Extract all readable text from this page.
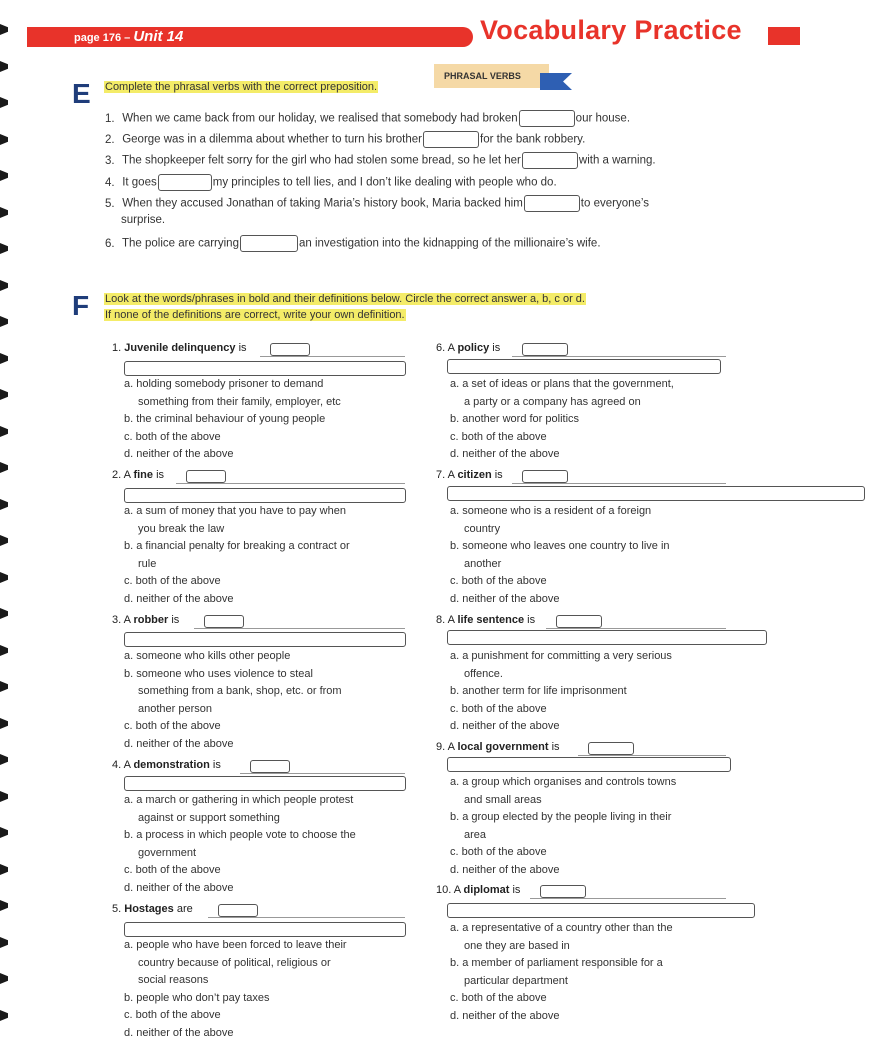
page 176 – Unit 14	Vocabulary Practice
E Complete the phrasal verbs with the correct preposition.
PHRASAL VERBS
1. When we came back from our holiday, we realised that somebody had broken	our house.
2. George was in a dilemma about whether to turn his brother	for the bank robbery.
3. The shopkeeper felt sorry for the girl who had stolen some bread, so he let her	with a warning.
4. It goes	my principles to tell lies, and I don’t like dealing with people who do.
5. When they accused Jonathan of taking Maria’s history book, Maria backed him	to everyone’s
surprise.
6. The police are carrying	an investigation into the kidnapping of the millionaire’s wife.
F Look at the words/phrases in bold and their definitions below. Circle the correct answer a, b, c or d.
If none of the definitions are correct, write your own definition.
1. Juvenile delinquency is
a. holding somebody prisoner to demand
something from their family, employer, etc
b. the criminal behaviour of young people
c. both of the above
d. neither of the above
2. A fine is
a. a sum of money that you have to pay when
you break the law
b. a financial penalty for breaking a contract or
rule
c. both of the above
d. neither of the above
3. A robber is
a. someone who kills other people
b. someone who uses violence to steal
something from a bank, shop, etc. or from
another person
c. both of the above
d. neither of the above
4. A demonstration is
a. a march or gathering in which people protest
against or support something
b. a process in which people vote to choose the
government
c. both of the above
d. neither of the above
5. Hostages are
a. people who have been forced to leave their
country because of political, religious or
social reasons
b. people who don’t pay taxes
c. both of the above
d. neither of the above
6. A policy is
a. a set of ideas or plans that the government,
a party or a company has agreed on
b. another word for politics
c. both of the above
d. neither of the above
7. A citizen is
a. someone who is a resident of a foreign
country
b. someone who leaves one country to live in
another
c. both of the above
d. neither of the above
8. A life sentence is
a. a punishment for committing a very serious
offence.
b. another term for life imprisonment
c. both of the above
d. neither of the above
9. A local government is
a. a group which organises and controls towns
and small areas
b. a group elected by the people living in their
area
c. both of the above
d. neither of the above
10. A diplomat is
a. a representative of a country other than the
one they are based in
b. a member of parliament responsible for a
particular department
c. both of the above
d. neither of the above
